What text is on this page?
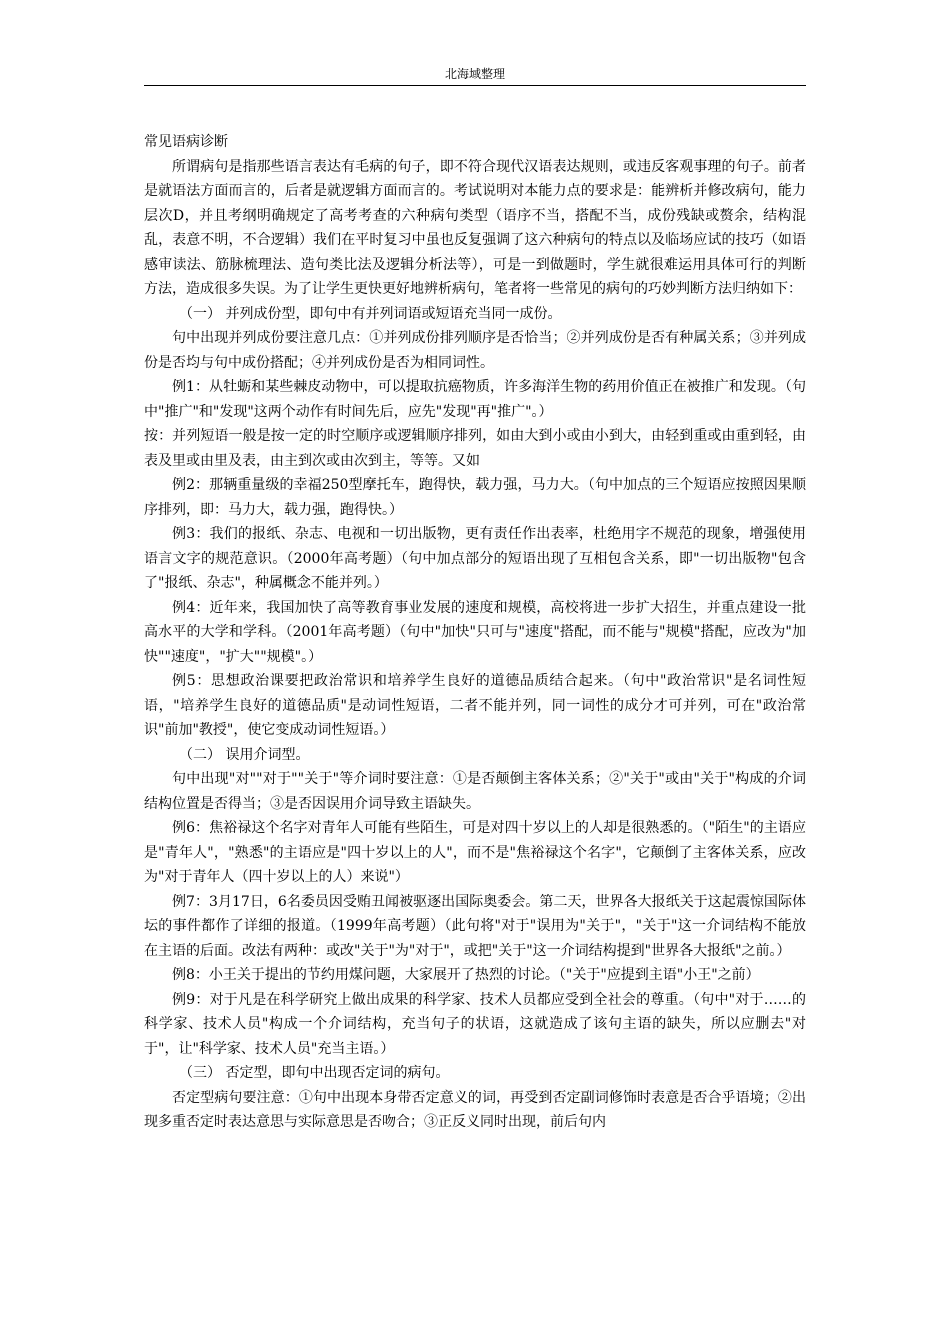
北海域整理

常见语病诊断

所谓病句是指那些语言表达有毛病的句子，即不符合现代汉语表达规则，或违反客观事理的句子。前者是就语法方面而言的，后者是就逻辑方面而言的。考试说明对本能力点的要求是：能辨析并修改病句，能力层次D，并且考纲明确规定了高考考查的六种病句类型（语序不当，搭配不当，成份残缺或赘余，结构混乱，表意不明，不合逻辑）我们在平时复习中虽也反复强调了这六种病句的特点以及临场应试的技巧（如语感审读法、筋脉梳理法、造句类比法及逻辑分析法等），可是一到做题时，学生就很难运用具体可行的判断方法，造成很多失误。为了让学生更快更好地辨析病句，笔者将一些常见的病句的巧妙判断方法归纳如下：

（一） 并列成份型，即句中有并列词语或短语充当同一成份。

句中出现并列成份要注意几点：①并列成份排列顺序是否恰当；②并列成份是否有种属关系；③并列成份是否均与句中成份搭配；④并列成份是否为相同词性。

例1：从牡蛎和某些棘皮动物中，可以提取抗癌物质，许多海洋生物的药用价值正在被推广和发现。（句中"推广"和"发现"这两个动作有时间先后，应先"发现"再"推广"。）

按：并列短语一般是按一定的时空顺序或逻辑顺序排列，如由大到小或由小到大，由轻到重或由重到轻，由表及里或由里及表，由主到次或由次到主，等等。又如

例2：那辆重量级的幸福250型摩托车，跑得快，载力强，马力大。（句中加点的三个短语应按照因果顺序排列，即：马力大，载力强，跑得快。）

例3：我们的报纸、杂志、电视和一切出版物，更有责任作出表率，杜绝用字不规范的现象，增强使用语言文字的规范意识。（2000年高考题）（句中加点部分的短语出现了互相包含关系，即"一切出版物"包含了"报纸、杂志"，种属概念不能并列。）

例4：近年来，我国加快了高等教育事业发展的速度和规模，高校将进一步扩大招生，并重点建设一批高水平的大学和学科。（2001年高考题）（句中"加快"只可与"速度"搭配，而不能与"规模"搭配，应改为"加快""速度"，"扩大""规模"。）

例5：思想政治课要把政治常识和培养学生良好的道德品质结合起来。（句中"政治常识"是名词性短语，"培养学生良好的道德品质"是动词性短语，二者不能并列，同一词性的成分才可并列，可在"政治常识"前加"教授"，使它变成动词性短语。）

（二） 误用介词型。

句中出现"对""对于""关于"等介词时要注意：①是否颠倒主客体关系；②"关于"或由"关于"构成的介词结构位置是否得当；③是否因误用介词导致主语缺失。

例6：焦裕禄这个名字对青年人可能有些陌生，可是对四十岁以上的人却是很熟悉的。（"陌生"的主语应是"青年人"，"熟悉"的主语应是"四十岁以上的人"，而不是"焦裕禄这个名字"，它颠倒了主客体关系，应改为"对于青年人（四十岁以上的人）来说"）

例7：3月17日，6名委员因受贿丑闻被驱逐出国际奥委会。第二天，世界各大报纸关于这起震惊国际体坛的事件都作了详细的报道。（1999年高考题）（此句将"对于"误用为"关于"，"关于"这一介词结构不能放在主语的后面。改法有两种：或改"关于"为"对于"，或把"关于"这一介词结构提到"世界各大报纸"之前。）

例8：小王关于提出的节约用煤问题，大家展开了热烈的讨论。（"关于"应提到主语"小王"之前）

例9：对于凡是在科学研究上做出成果的科学家、技术人员都应受到全社会的尊重。（句中"对于……的科学家、技术人员"构成一个介词结构，充当句子的状语，这就造成了该句主语的缺失，所以应删去"对于"，让"科学家、技术人员"充当主语。）

（三） 否定型，即句中出现否定词的病句。

否定型病句要注意：①句中出现本身带否定意义的词，再受到否定副词修饰时表意是否合乎语境；②出现多重否定时表达意思与实际意思是否吻合；③正反义同时出现，前后句内
